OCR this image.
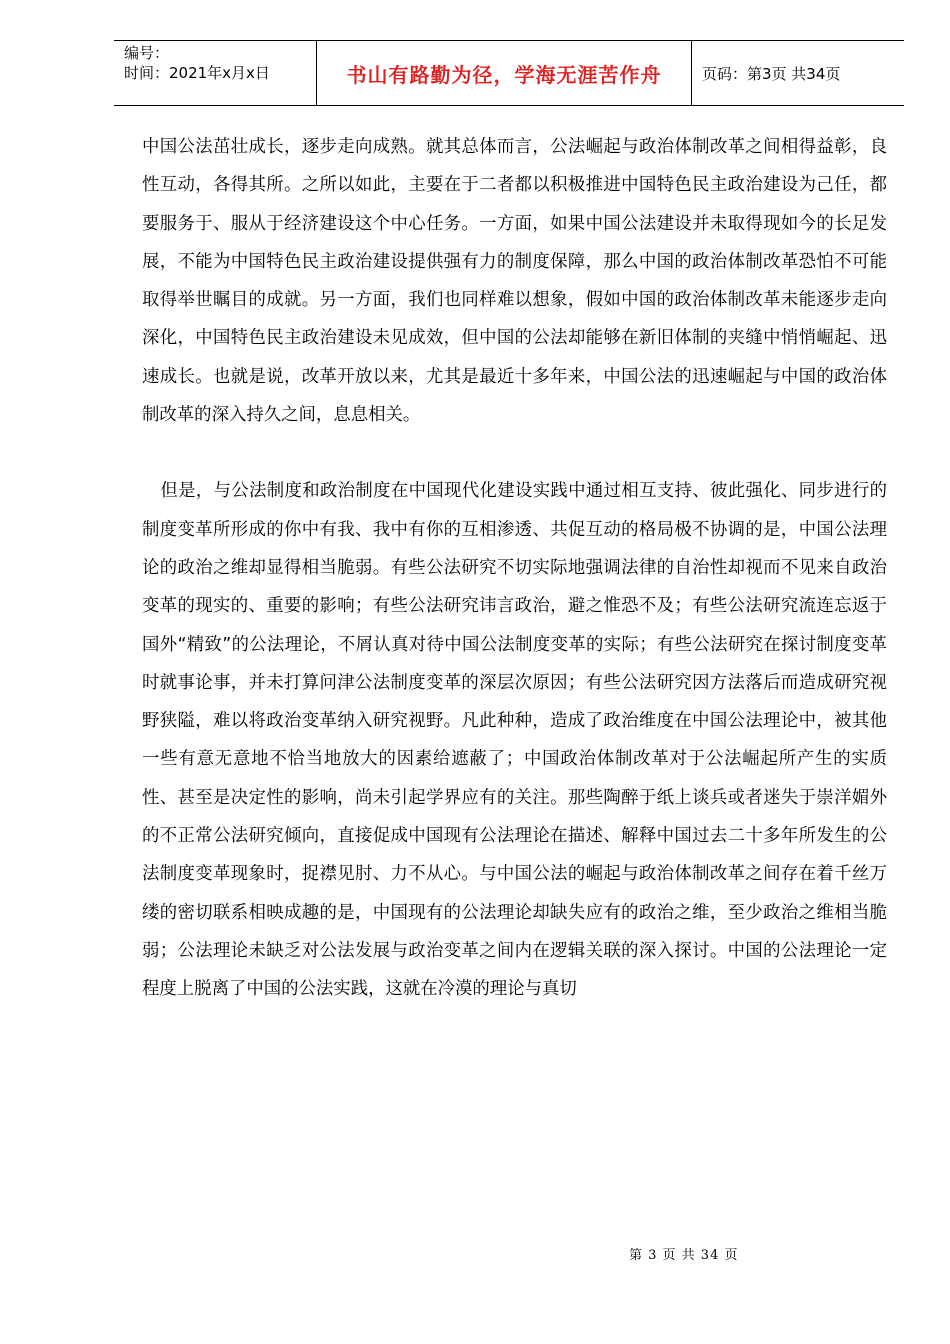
编号：
时间：2021年x月x日	书山有路勤为径，学海无涯苦作舟	页码：第3页 共34页

中国公法茁壮成长，逐步走向成熟。就其总体而言，公法崛起与政治体制改革之间相得益彰，良性互动，各得其所。之所以如此，主要在于二者都以积极推进中国特色民主政治建设为己任，都要服务于、服从于经济建设这个中心任务。一方面，如果中国公法建设并未取得现如今的长足发展，不能为中国特色民主政治建设提供强有力的制度保障，那么中国的政治体制改革恐怕不可能取得举世瞩目的成就。另一方面，我们也同样难以想象，假如中国的政治体制改革未能逐步走向深化，中国特色民主政治建设未见成效，但中国的公法却能够在新旧体制的夹缝中悄悄崛起、迅速成长。也就是说，改革开放以来，尤其是最近十多年来，中国公法的迅速崛起与中国的政治体制改革的深入持久之间，息息相关。

但是，与公法制度和政治制度在中国现代化建设实践中通过相互支持、彼此强化、同步进行的制度变革所形成的你中有我、我中有你的互相渗透、共促互动的格局极不协调的是，中国公法理论的政治之维却显得相当脆弱。有些公法研究不切实际地强调法律的自治性却视而不见来自政治变革的现实的、重要的影响；有些公法研究讳言政治，避之惟恐不及；有些公法研究流连忘返于国外“精致”的公法理论，不屑认真对待中国公法制度变革的实际；有些公法研究在探讨制度变革时就事论事，并未打算问津公法制度变革的深层次原因；有些公法研究因方法落后而造成研究视野狭隘，难以将政治变革纳入研究视野。凡此种种，造成了政治维度在中国公法理论中，被其他一些有意无意地不恰当地放大的因素给遮蔽了；中国政治体制改革对于公法崛起所产生的实质性、甚至是决定性的影响，尚未引起学界应有的关注。那些陶醉于纸上谈兵或者迷失于崇洋媚外的不正常公法研究倾向，直接促成中国现有公法理论在描述、解释中国过去二十多年所发生的公法制度变革现象时，捉襟见肘、力不从心。与中国公法的崛起与政治体制改革之间存在着千丝万缕的密切联系相映成趣的是，中国现有的公法理论却缺失应有的政治之维，至少政治之维相当脆弱；公法理论未缺乏对公法发展与政治变革之间内在逻辑关联的深入探讨。中国的公法理论一定程度上脱离了中国的公法实践，这就在冷漠的理论与真切

第 3 页 共 34 页
